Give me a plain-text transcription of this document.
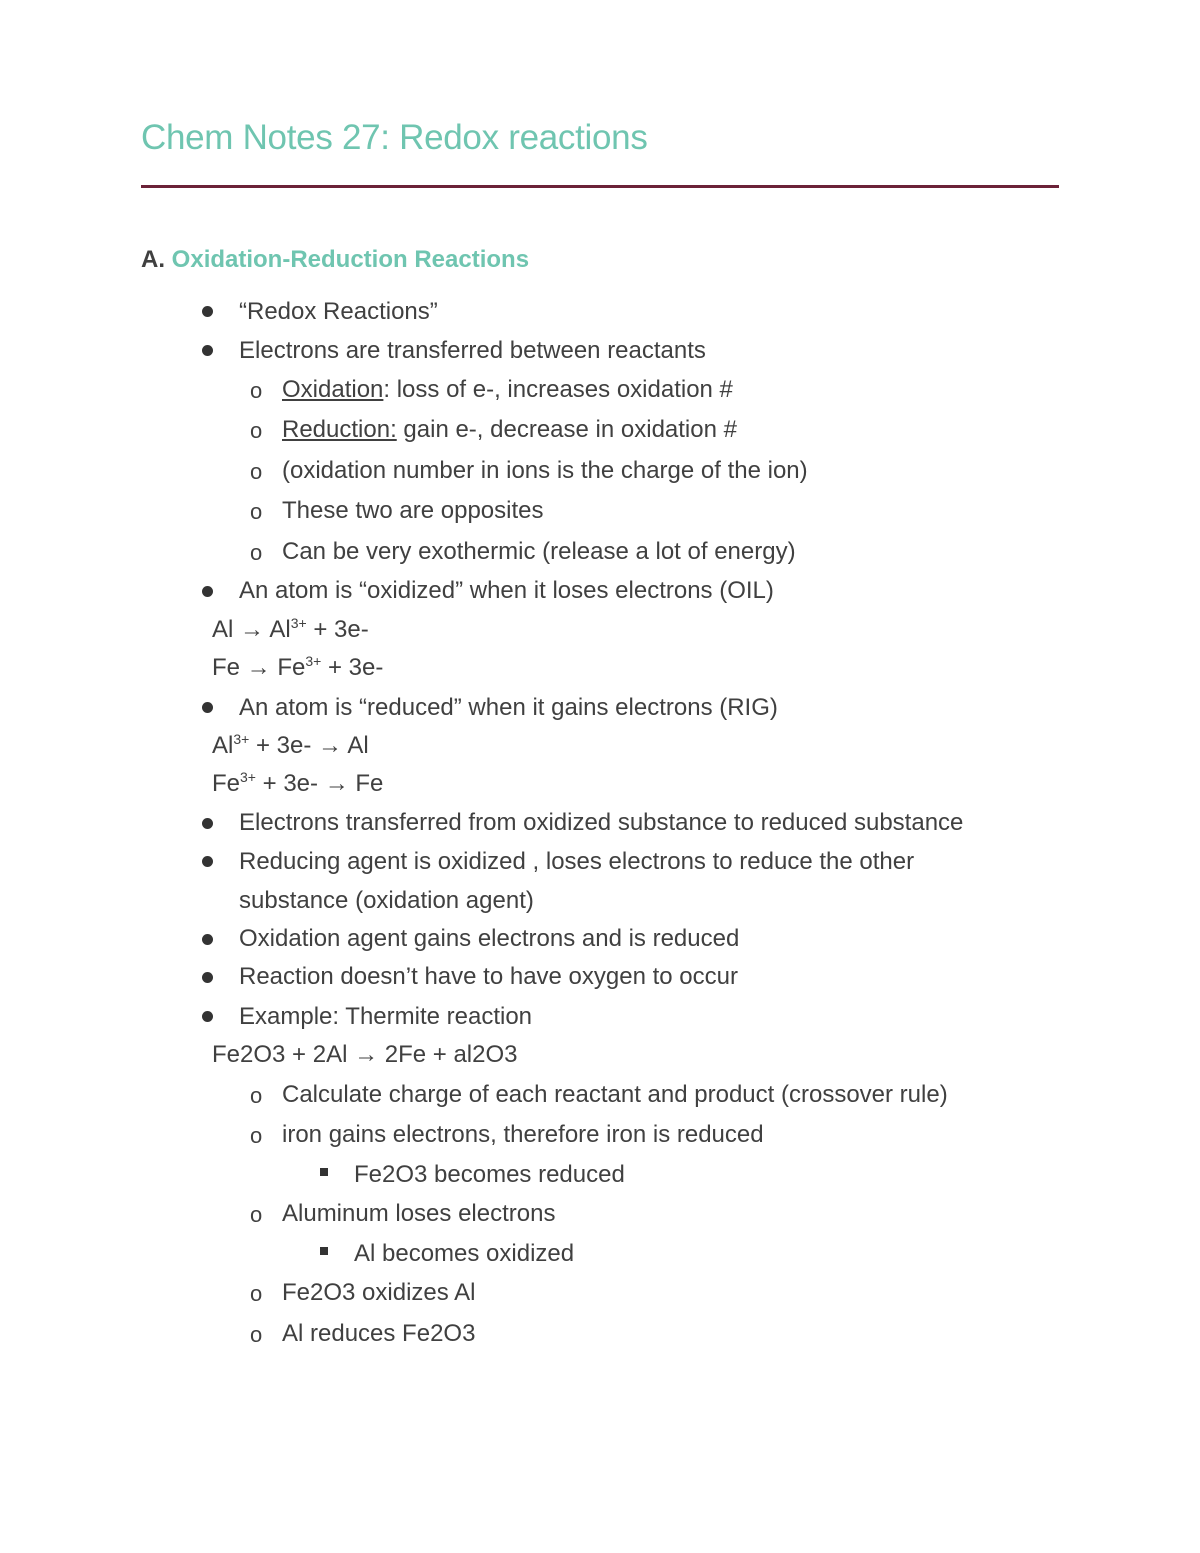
Chem Notes 27: Redox reactions
A. Oxidation-Reduction Reactions
“Redox Reactions”
Electrons are transferred between reactants
o Oxidation: loss of e-, increases oxidation #
o Reduction: gain e-, decrease in oxidation #
o (oxidation number in ions is the charge of the ion)
o These two are opposites
o Can be very exothermic (release a lot of energy)
An atom is “oxidized” when it loses electrons (OIL)
$Al \to Al^{3+} + 3e-$
$Fe \to Fe^{3+} + 3e-$
An atom is “reduced” when it gains electrons (RIG)
$Al^{3+} + 3e- \to Al$
$Fe^{3+} + 3e- \to Fe$
Electrons transferred from oxidized substance to reduced substance
Reducing agent is oxidized , loses electrons to reduce the other
substance (oxidation agent)
Oxidation agent gains electrons and is reduced
Reaction doesn’t have to have oxygen to occur
Example: Thermite reaction
Fe2O3 + 2Al → 2Fe + al2O3
o Calculate charge of each reactant and product (crossover rule)
o iron gains electrons, therefore iron is reduced
Fe2O3 becomes reduced
o Aluminum loses electrons
Al becomes oxidized
o Fe2O3 oxidizes Al
o Al reduces Fe2O3
